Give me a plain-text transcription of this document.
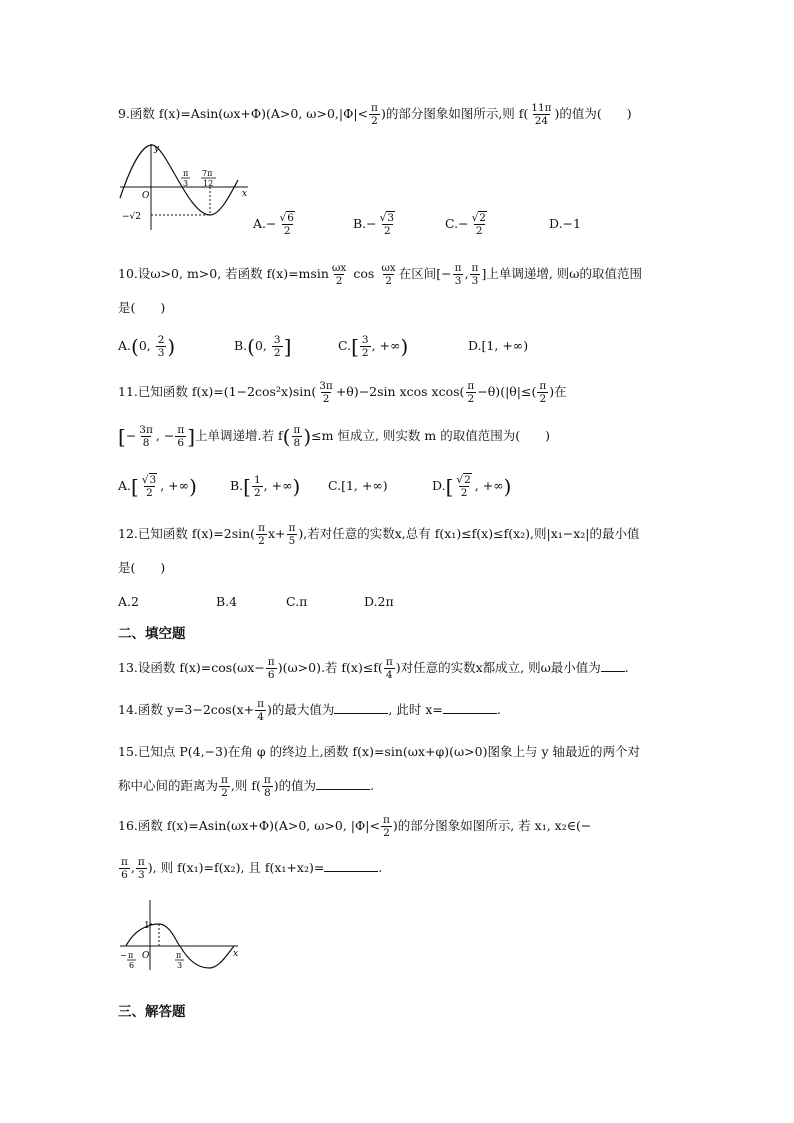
9.函数 f(x)=Asin(ωx+Φ)(A>0, $\omega>0,|\Phi|< \frac{\pi}{2}$ )的部分图象如图所示,则 $f( \frac{11\pi}{24}$ )的值为(　　)
y
x
O
π
3
7π
12
−√2	$A.- \frac{√6}{2}$	$B.- \frac{√3}{2}$	$C.- \frac{√2}{2}$	D.−1
10.设ω>0, m>0, 若函数 $f(x)=msin \frac{\omega x}{2}$ $\cos \frac{\omega x}{2}$ 在区间[− $\frac{\pi}{3}$ , $\frac{\pi}{3}$ ]上单调递增, 则ω的取值范围
是(　　)
A.(0, $\frac{2}{3}$ )	B.(0, $\frac{3}{2}$ ]	$C.[ \frac{3}{2}$ , +∞)	D.[1, +∞)
11.已知函数 $f(x)=(1-2\cos^2x)\sin( \frac{3\pi}{2} +\theta)-2\sin$ xcos $xcos( \frac{\pi}{2} -\theta)(|\theta|\le( \frac{\pi}{2}$ )在
[− $\frac{3\pi}{8}$ , − $\frac{\pi}{6}$ ]上单调递增.若 $f( \frac{\pi}{8} )\le m$ 恒成立, 则实数 m 的取值范围为(　　)
$A.[ \frac{√3}{2}$ , +∞)	$B.[ \frac{1}{2}$ , +∞) C.[1, +∞)	$D.[ \frac{√2}{2}$ , +∞)
12.已知函数 $f(x)=2\sin( \frac{\pi}{2} x+ \frac{\pi}{5}$ ),若对任意的实数x,总有 f(x₁)≤f(x)≤f(x₂),则|x₁−x₂|的最小值
是(　　)
A.2	B.4	C.π	D.2π
二、填空题
13.设函数 $f(x)=\cos(\omega x- \frac{\pi}{6} )(\omega>0)$.若 $f(x)\le f( \frac{\pi}{4}$ )对任意的实数x都成立, 则ω最小值为 .
14.函数 $y=3-2\cos(x+ \frac{\pi}{4}$ )的最大值为	, 此时 x=	.
15.已知点 P(4,−3)在角 φ 的终边上,函数 f(x)=sin(ωx+φ)(ω>0)图象上与 y 轴最近的两个对
称中心间的距离为 $\frac{\pi}{2}$ ,则 $f( \frac{\pi}{8}$ )的值为	.
16.函数 f(x)=Asin(ωx+Φ)(A>0, ω>0, $|\Phi|< \frac{\pi}{2}$ )的部分图象如图所示, 若 x₁, x₂∈(−
$\frac{\pi}{6}$ , $\frac{\pi}{3}$ ), 则 f(x₁)=f(x₂), 且 f(x₁+x₂)=	.
1
O	x
− π
6
π
3
三、解答题
